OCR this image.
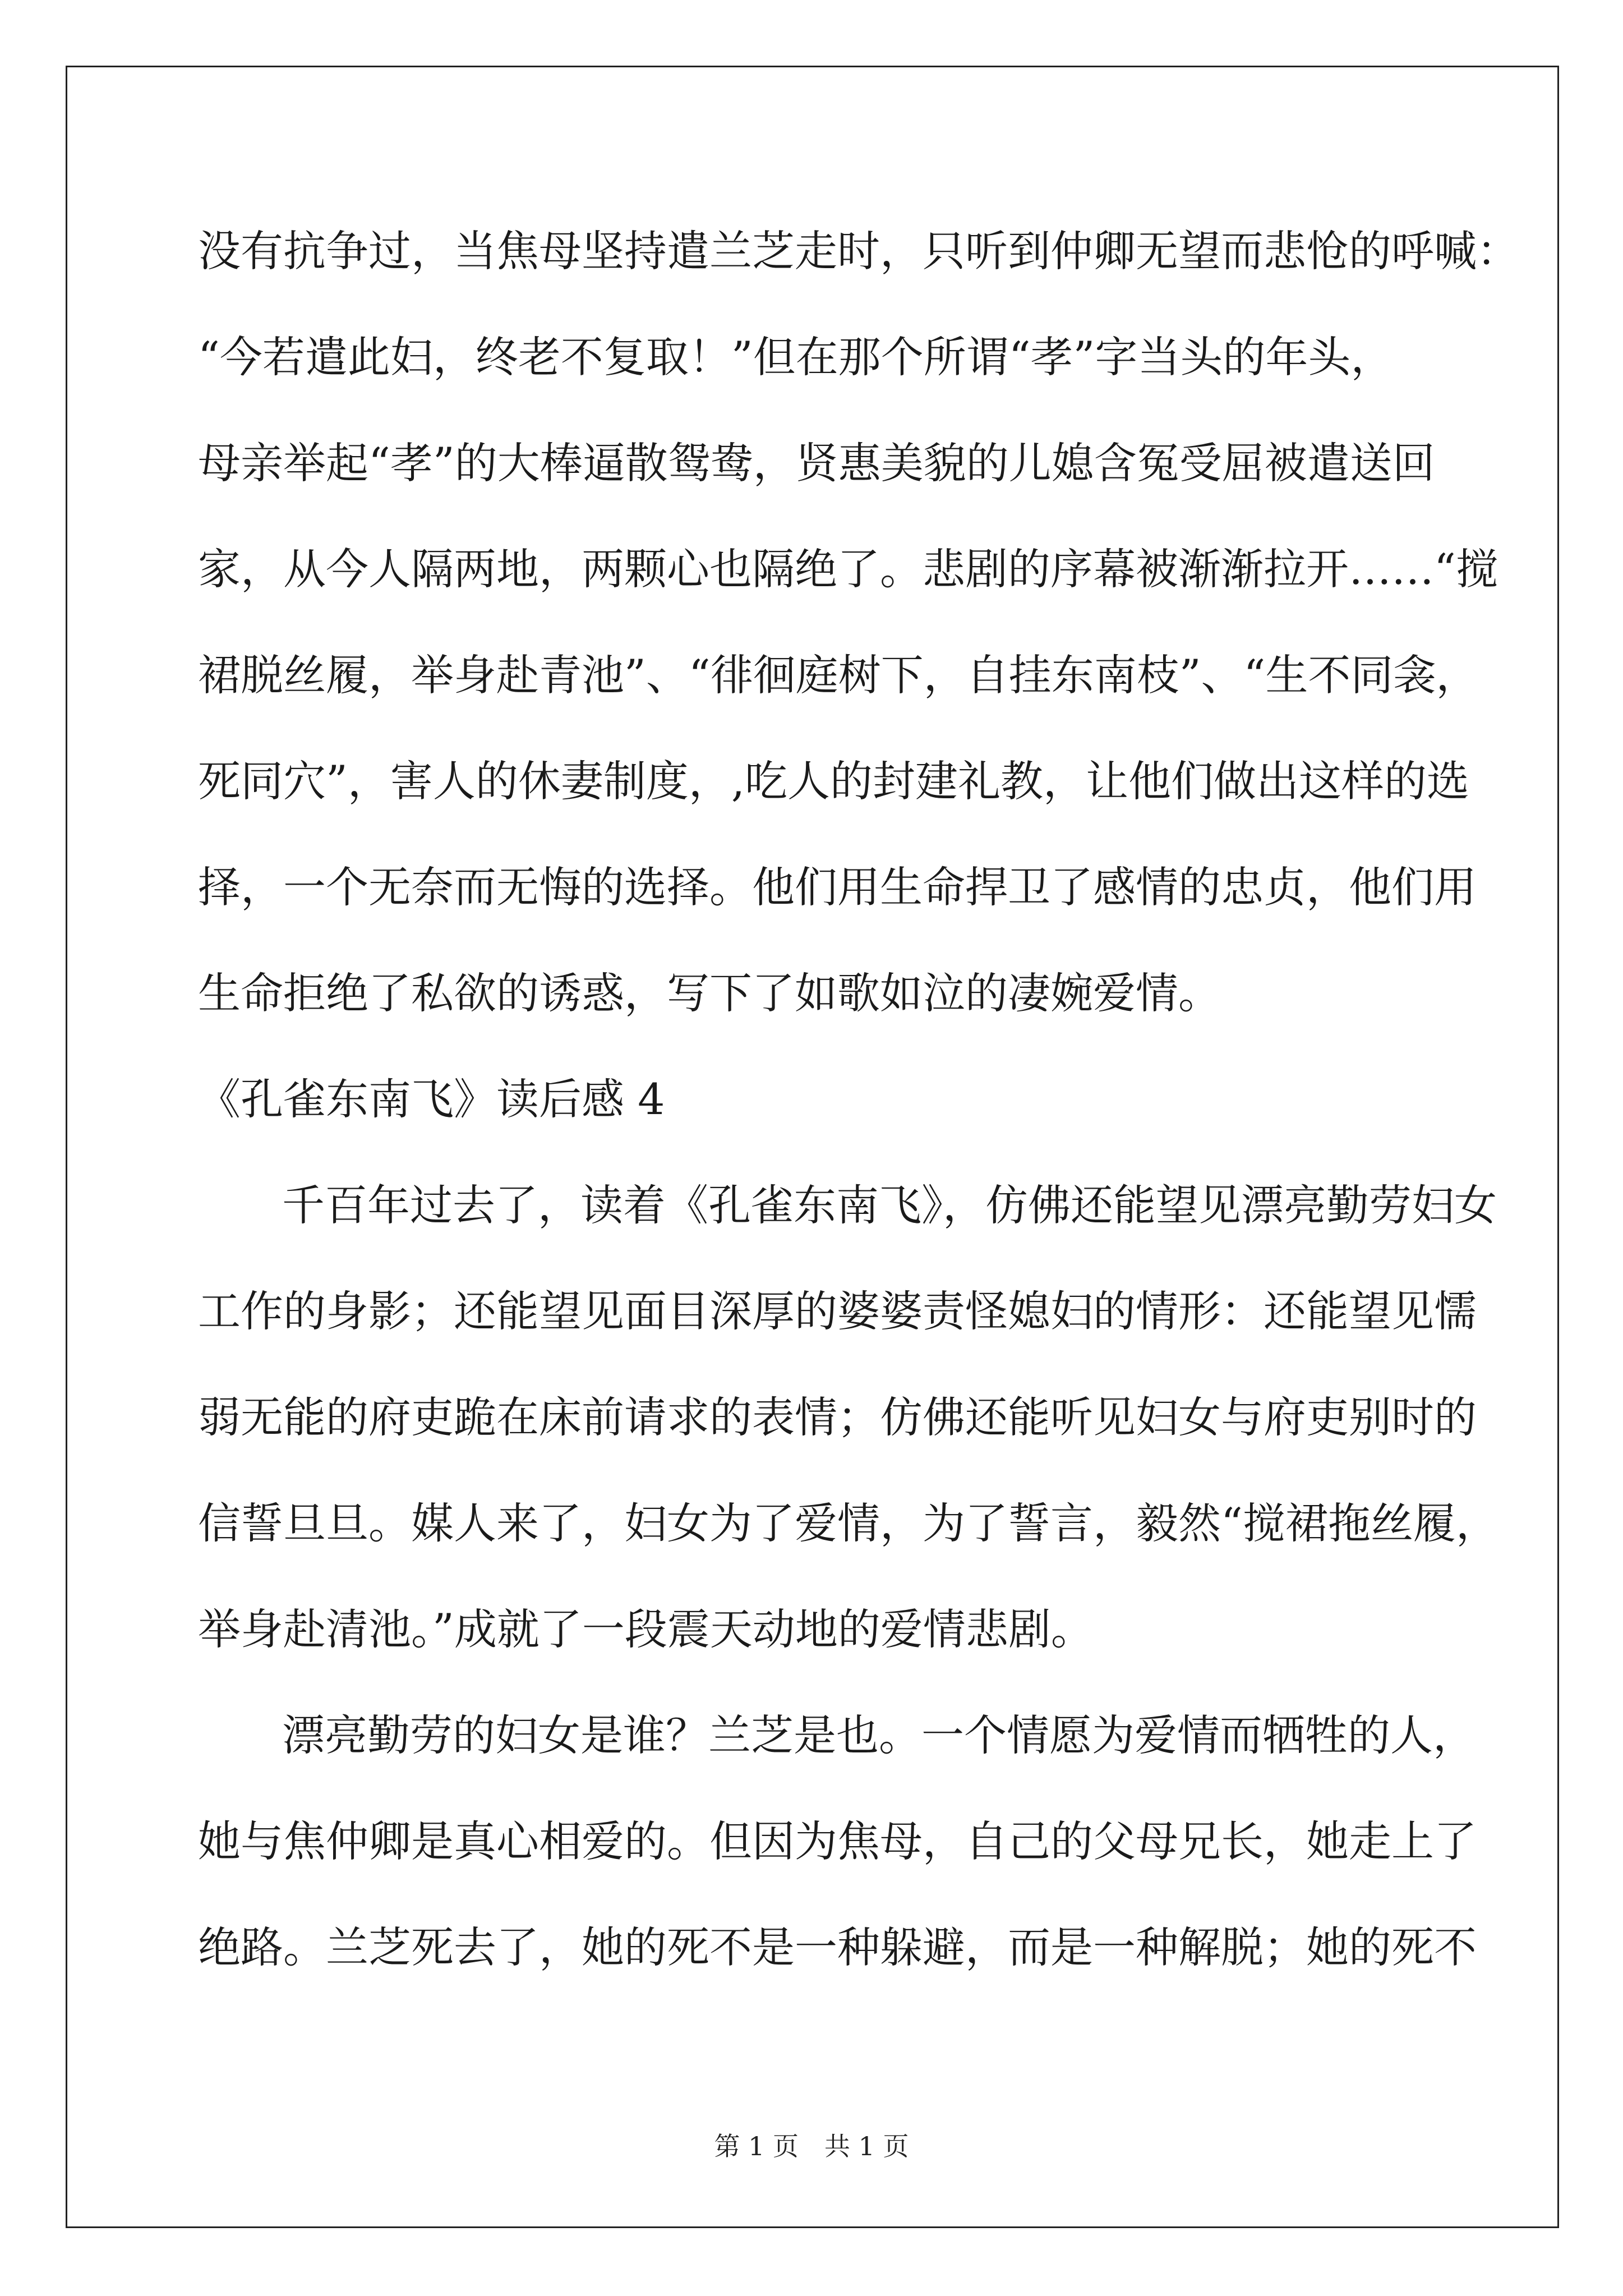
没有抗争过，当焦母坚持遣兰芝走时，只听到仲卿无望而悲怆的呼喊：
“今若遣此妇，终老不复取！”但在那个所谓“孝”字当头的年头，
母亲举起“孝”的大棒逼散鸳鸯，贤惠美貌的儿媳含冤受屈被遣送回
家，从今人隔两地，两颗心也隔绝了。悲剧的序幕被渐渐拉开……“搅
裙脱丝履，举身赴青池”、“徘徊庭树下，自挂东南枝”、“生不同衾，
死同穴”，害人的休妻制度，,吃人的封建礼教，让他们做出这样的选
择，一个无奈而无悔的选择。他们用生命捍卫了感情的忠贞，他们用
生命拒绝了私欲的诱惑，写下了如歌如泣的凄婉爱情。
《孔雀东南飞》读后感 4
千百年过去了，读着《孔雀东南飞》，仿佛还能望见漂亮勤劳妇女
工作的身影；还能望见面目深厚的婆婆责怪媳妇的情形：还能望见懦
弱无能的府吏跪在床前请求的表情；仿佛还能听见妇女与府吏别时的
信誓旦旦。媒人来了，妇女为了爱情，为了誓言，毅然“搅裙拖丝履，
举身赴清池。”成就了一段震天动地的爱情悲剧。
漂亮勤劳的妇女是谁？兰芝是也。一个情愿为爱情而牺牲的人，
她与焦仲卿是真心相爱的。但因为焦母，自己的父母兄长，她走上了
绝路。兰芝死去了，她的死不是一种躲避，而是一种解脱；她的死不
第 1 页　共 1 页
